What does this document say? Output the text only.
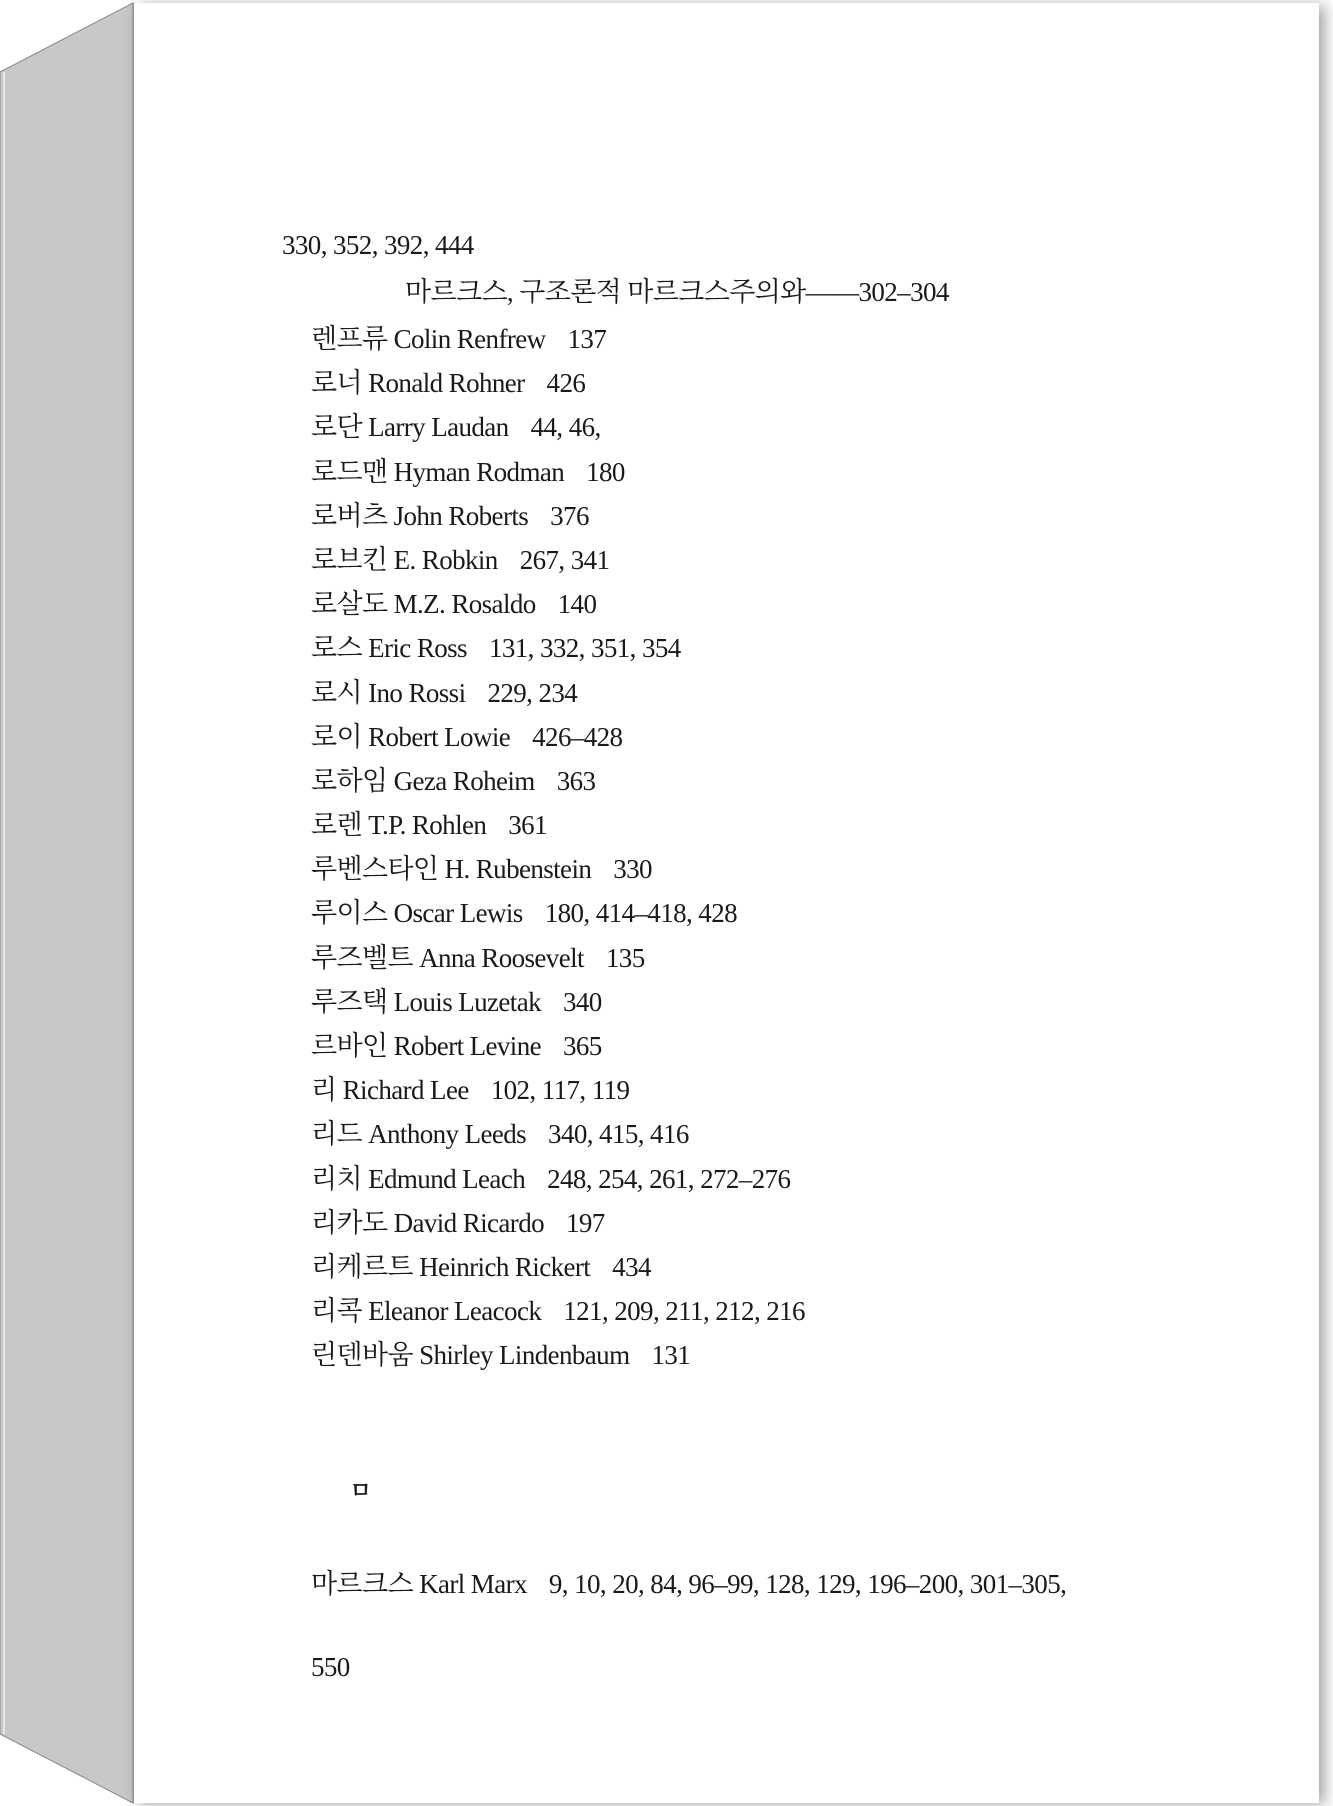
330, 352, 392, 444
마르크스, 구조론적 마르크스주의와——302–304
렌프류 Colin Renfrew 137
로너 Ronald Rohner 426
로단 Larry Laudan 44, 46,
로드맨 Hyman Rodman 180
로버츠 John Roberts 376
로브킨 E. Robkin 267, 341
로살도 M.Z. Rosaldo 140
로스 Eric Ross 131, 332, 351, 354
로시 Ino Rossi 229, 234
로이 Robert Lowie 426–428
로하임 Geza Roheim 363
로렌 T.P. Rohlen 361
루벤스타인 H. Rubenstein 330
루이스 Oscar Lewis 180, 414–418, 428
루즈벨트 Anna Roosevelt 135
루즈택 Louis Luzetak 340
르바인 Robert Levine 365
리 Richard Lee 102, 117, 119
리드 Anthony Leeds 340, 415, 416
리치 Edmund Leach 248, 254, 261, 272–276
리카도 David Ricardo 197
리케르트 Heinrich Rickert 434
리콕 Eleanor Leacock 121, 209, 211, 212, 216
린덴바움 Shirley Lindenbaum 131
ㅁ
마르크스 Karl Marx 9, 10, 20, 84, 96–99, 128, 129, 196–200, 301–305,
550
